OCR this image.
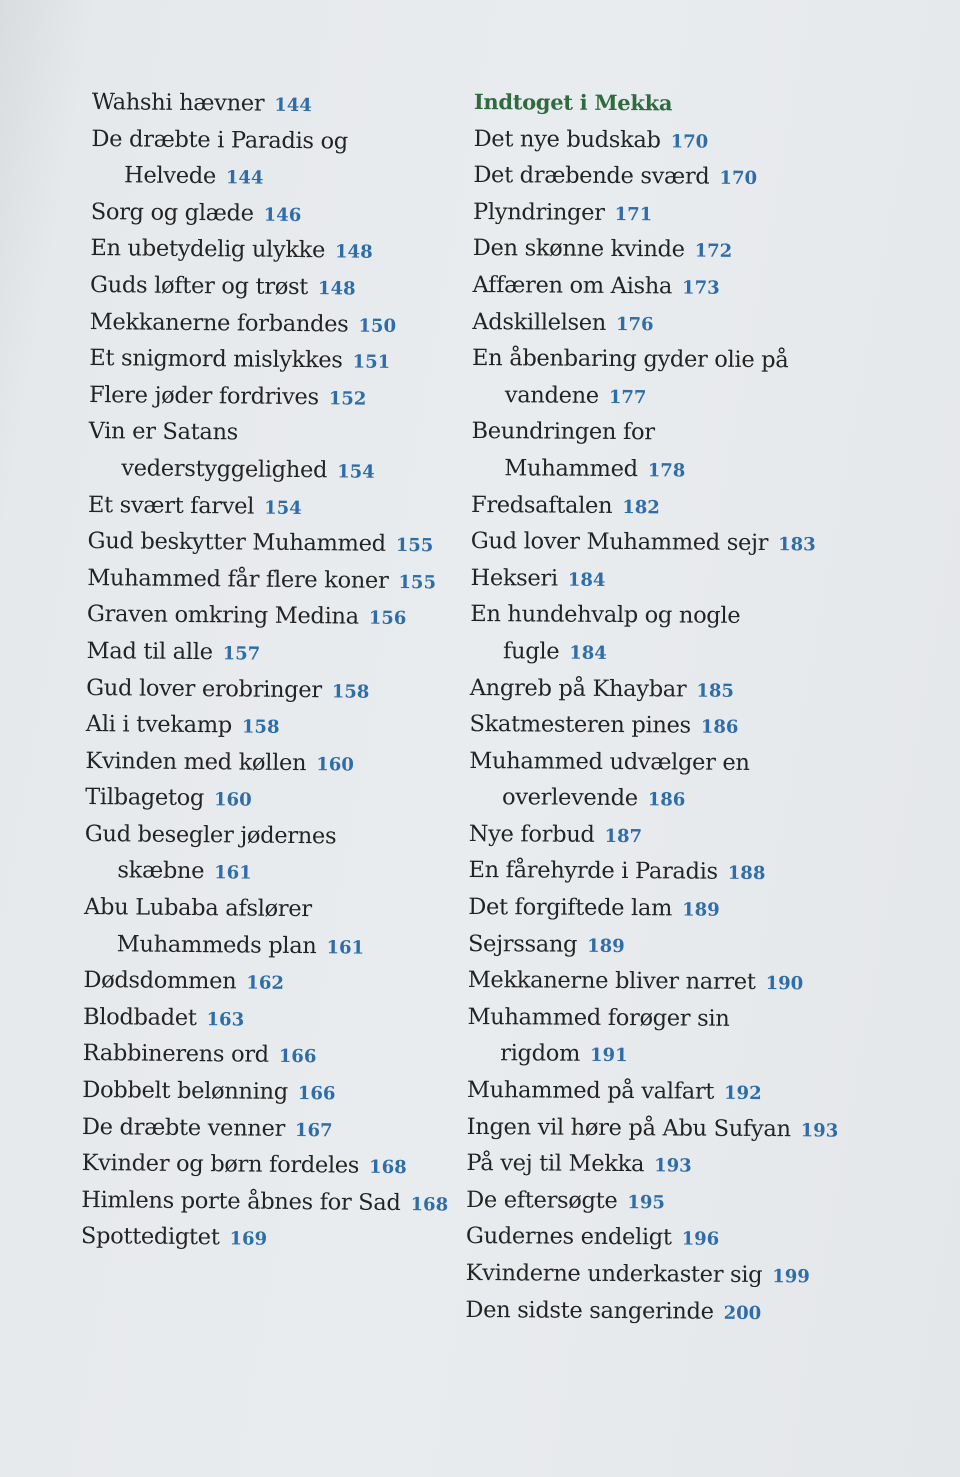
Wahshi hævner 144
De dræbte i Paradis og
Helvede 144
Sorg og glæde 146
En ubetydelig ulykke 148
Guds løfter og trøst 148
Mekkanerne forbandes 150
Et snigmord mislykkes 151
Flere jøder fordrives 152
Vin er Satans
vederstyggelighed 154
Et svært farvel 154
Gud beskytter Muhammed 155
Muhammed får flere koner 155
Graven omkring Medina 156
Mad til alle 157
Gud lover erobringer 158
Ali i tvekamp 158
Kvinden med køllen 160
Tilbagetog 160
Gud besegler jødernes
skæbne 161
Abu Lubaba afslører
Muhammeds plan 161
Dødsdommen 162
Blodbadet 163
Rabbinerens ord 166
Dobbelt belønning 166
De dræbte venner 167
Kvinder og børn fordeles 168
Himlens porte åbnes for Sad 168
Spottedigtet 169
Indtoget i Mekka
Det nye budskab 170
Det dræbende sværd 170
Plyndringer 171
Den skønne kvinde 172
Affæren om Aisha 173
Adskillelsen 176
En åbenbaring gyder olie på
vandene 177
Beundringen for
Muhammed 178
Fredsaftalen 182
Gud lover Muhammed sejr 183
Hekseri 184
En hundehvalp og nogle
fugle 184
Angreb på Khaybar 185
Skatmesteren pines 186
Muhammed udvælger en
overlevende 186
Nye forbud 187
En fårehyrde i Paradis 188
Det forgiftede lam 189
Sejrssang 189
Mekkanerne bliver narret 190
Muhammed forøger sin
rigdom 191
Muhammed på valfart 192
Ingen vil høre på Abu Sufyan 193
På vej til Mekka 193
De eftersøgte 195
Gudernes endeligt 196
Kvinderne underkaster sig 199
Den sidste sangerinde 200
